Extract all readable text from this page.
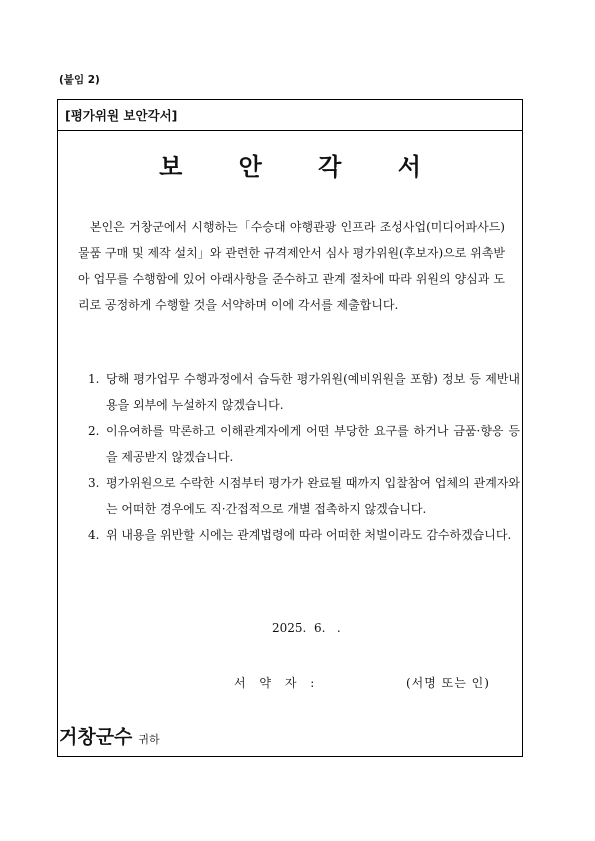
(붙임 2)
[평가위원 보안각서]
보 안 각 서

본인은 거창군에서 시행하는「수승대 야행관광 인프라 조성사업(미디어파사드)물품 구매 및 제작 설치」와 관련한 규격제안서 심사 평가위원(후보자)으로 위촉받아 업무를 수행함에 있어 아래사항을 준수하고 관계 절차에 따라 위원의 양심과 도리로 공정하게 수행할 것을 서약하며 이에 각서를 제출합니다.

1. 당해 평가업무 수행과정에서 습득한 평가위원(예비위원을 포함) 정보 등 제반내용을 외부에 누설하지 않겠습니다.
2. 이유여하를 막론하고 이해관계자에게 어떤 부당한 요구를 하거나 금품·향응 등을 제공받지 않겠습니다.
3. 평가위원으로 수락한 시점부터 평가가 완료될 때까지 입찰참여 업체의 관계자와는 어떠한 경우에도 직·간접적으로 개별 접촉하지 않겠습니다.
4. 위 내용을 위반할 시에는 관계법령에 따라 어떠한 처벌이라도 감수하겠습니다.
2025.  6.   .
서 약 자 :	(서명 또는 인)
거창군수 귀하
